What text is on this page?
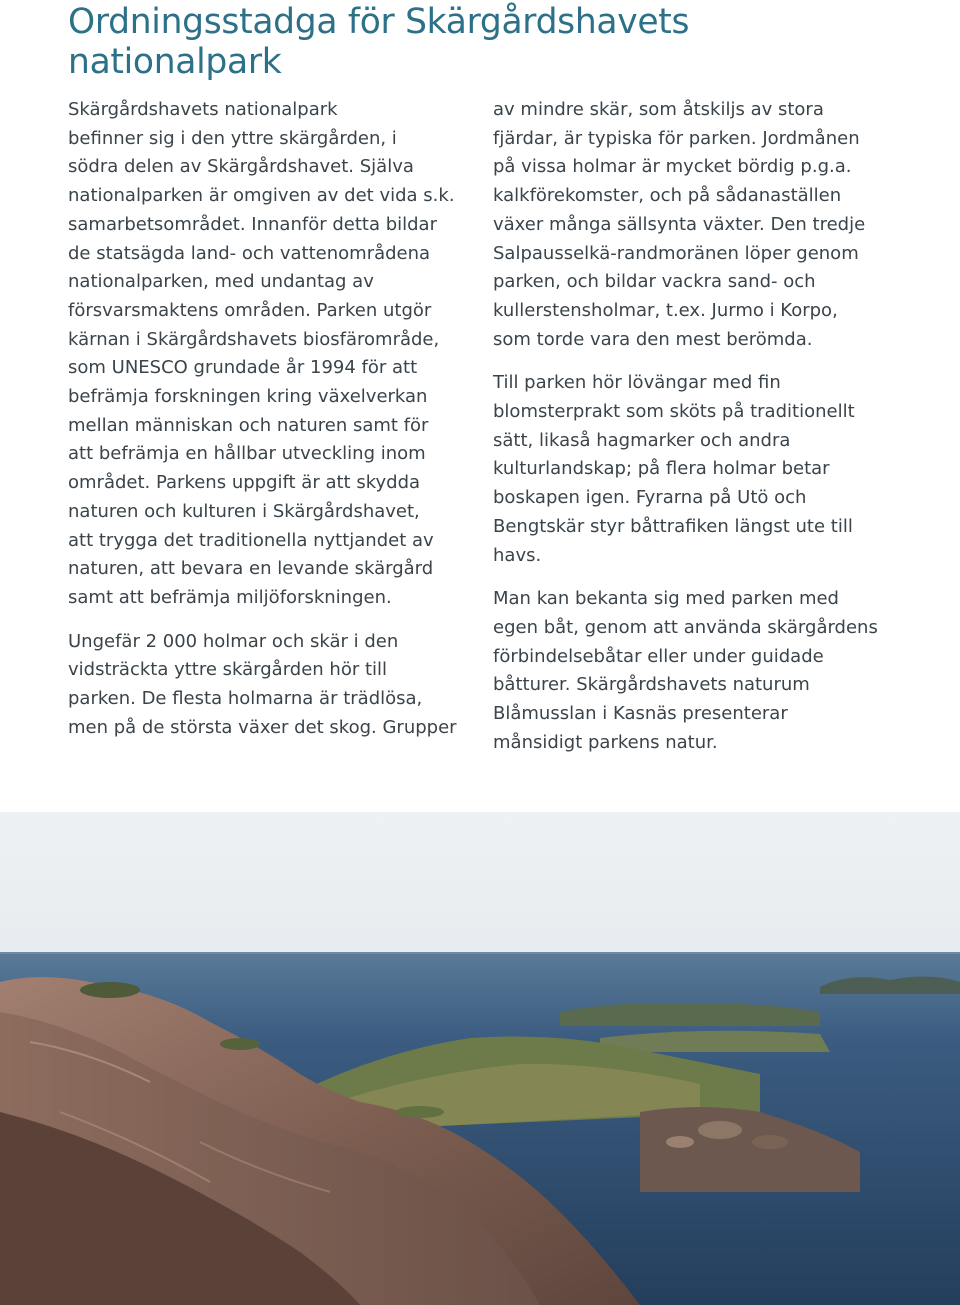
Ordningsstadga för Skärgårdshavets
nationalpark

Skärgårdshavets nationalpark
befinner sig i den yttre skärgården, i
södra delen av Skärgårdshavet. Själva
nationalparken är omgiven av det vida s.k.
samarbetsområdet. Innanför detta bildar
de statsägda land- och vattenområdena
nationalparken, med undantag av
försvarsmaktens områden. Parken utgör
kärnan i Skärgårdshavets biosfärområde,
som UNESCO grundade år 1994 för att
befrämja forskningen kring växelverkan
mellan människan och naturen samt för
att befrämja en hållbar utveckling inom
området. Parkens uppgift är att skydda
naturen och kulturen i Skärgårdshavet,
att trygga det traditionella nyttjandet av
naturen, att bevara en levande skärgård
samt att befrämja miljöforskningen.

Ungefär 2 000 holmar och skär i den
vidsträckta yttre skärgården hör till
parken. De flesta holmarna är trädlösa,
men på de största växer det skog. Grupper

av mindre skär, som åtskiljs av stora
fjärdar, är typiska för parken. Jordmånen
på vissa holmar är mycket bördig p.g.a.
kalkförekomster, och på sådanaställen
växer många sällsynta växter. Den tredje
Salpausselkä-randmoränen löper genom
parken, och bildar vackra sand- och
kullerstensholmar, t.ex. Jurmo i Korpo,
som torde vara den mest berömda.

Till parken hör lövängar med fin
blomsterprakt som sköts på traditionellt
sätt, likaså hagmarker och andra
kulturlandskap; på flera holmar betar
boskapen igen. Fyrarna på Utö och
Bengtskär styr båttrafiken längst ute till
havs.

Man kan bekanta sig med parken med
egen båt, genom att använda skärgårdens
förbindelsebåtar eller under guidade
båtturer. Skärgårdshavets naturum
Blåmusslan i Kasnäs presenterar
månsidigt parkens natur.
